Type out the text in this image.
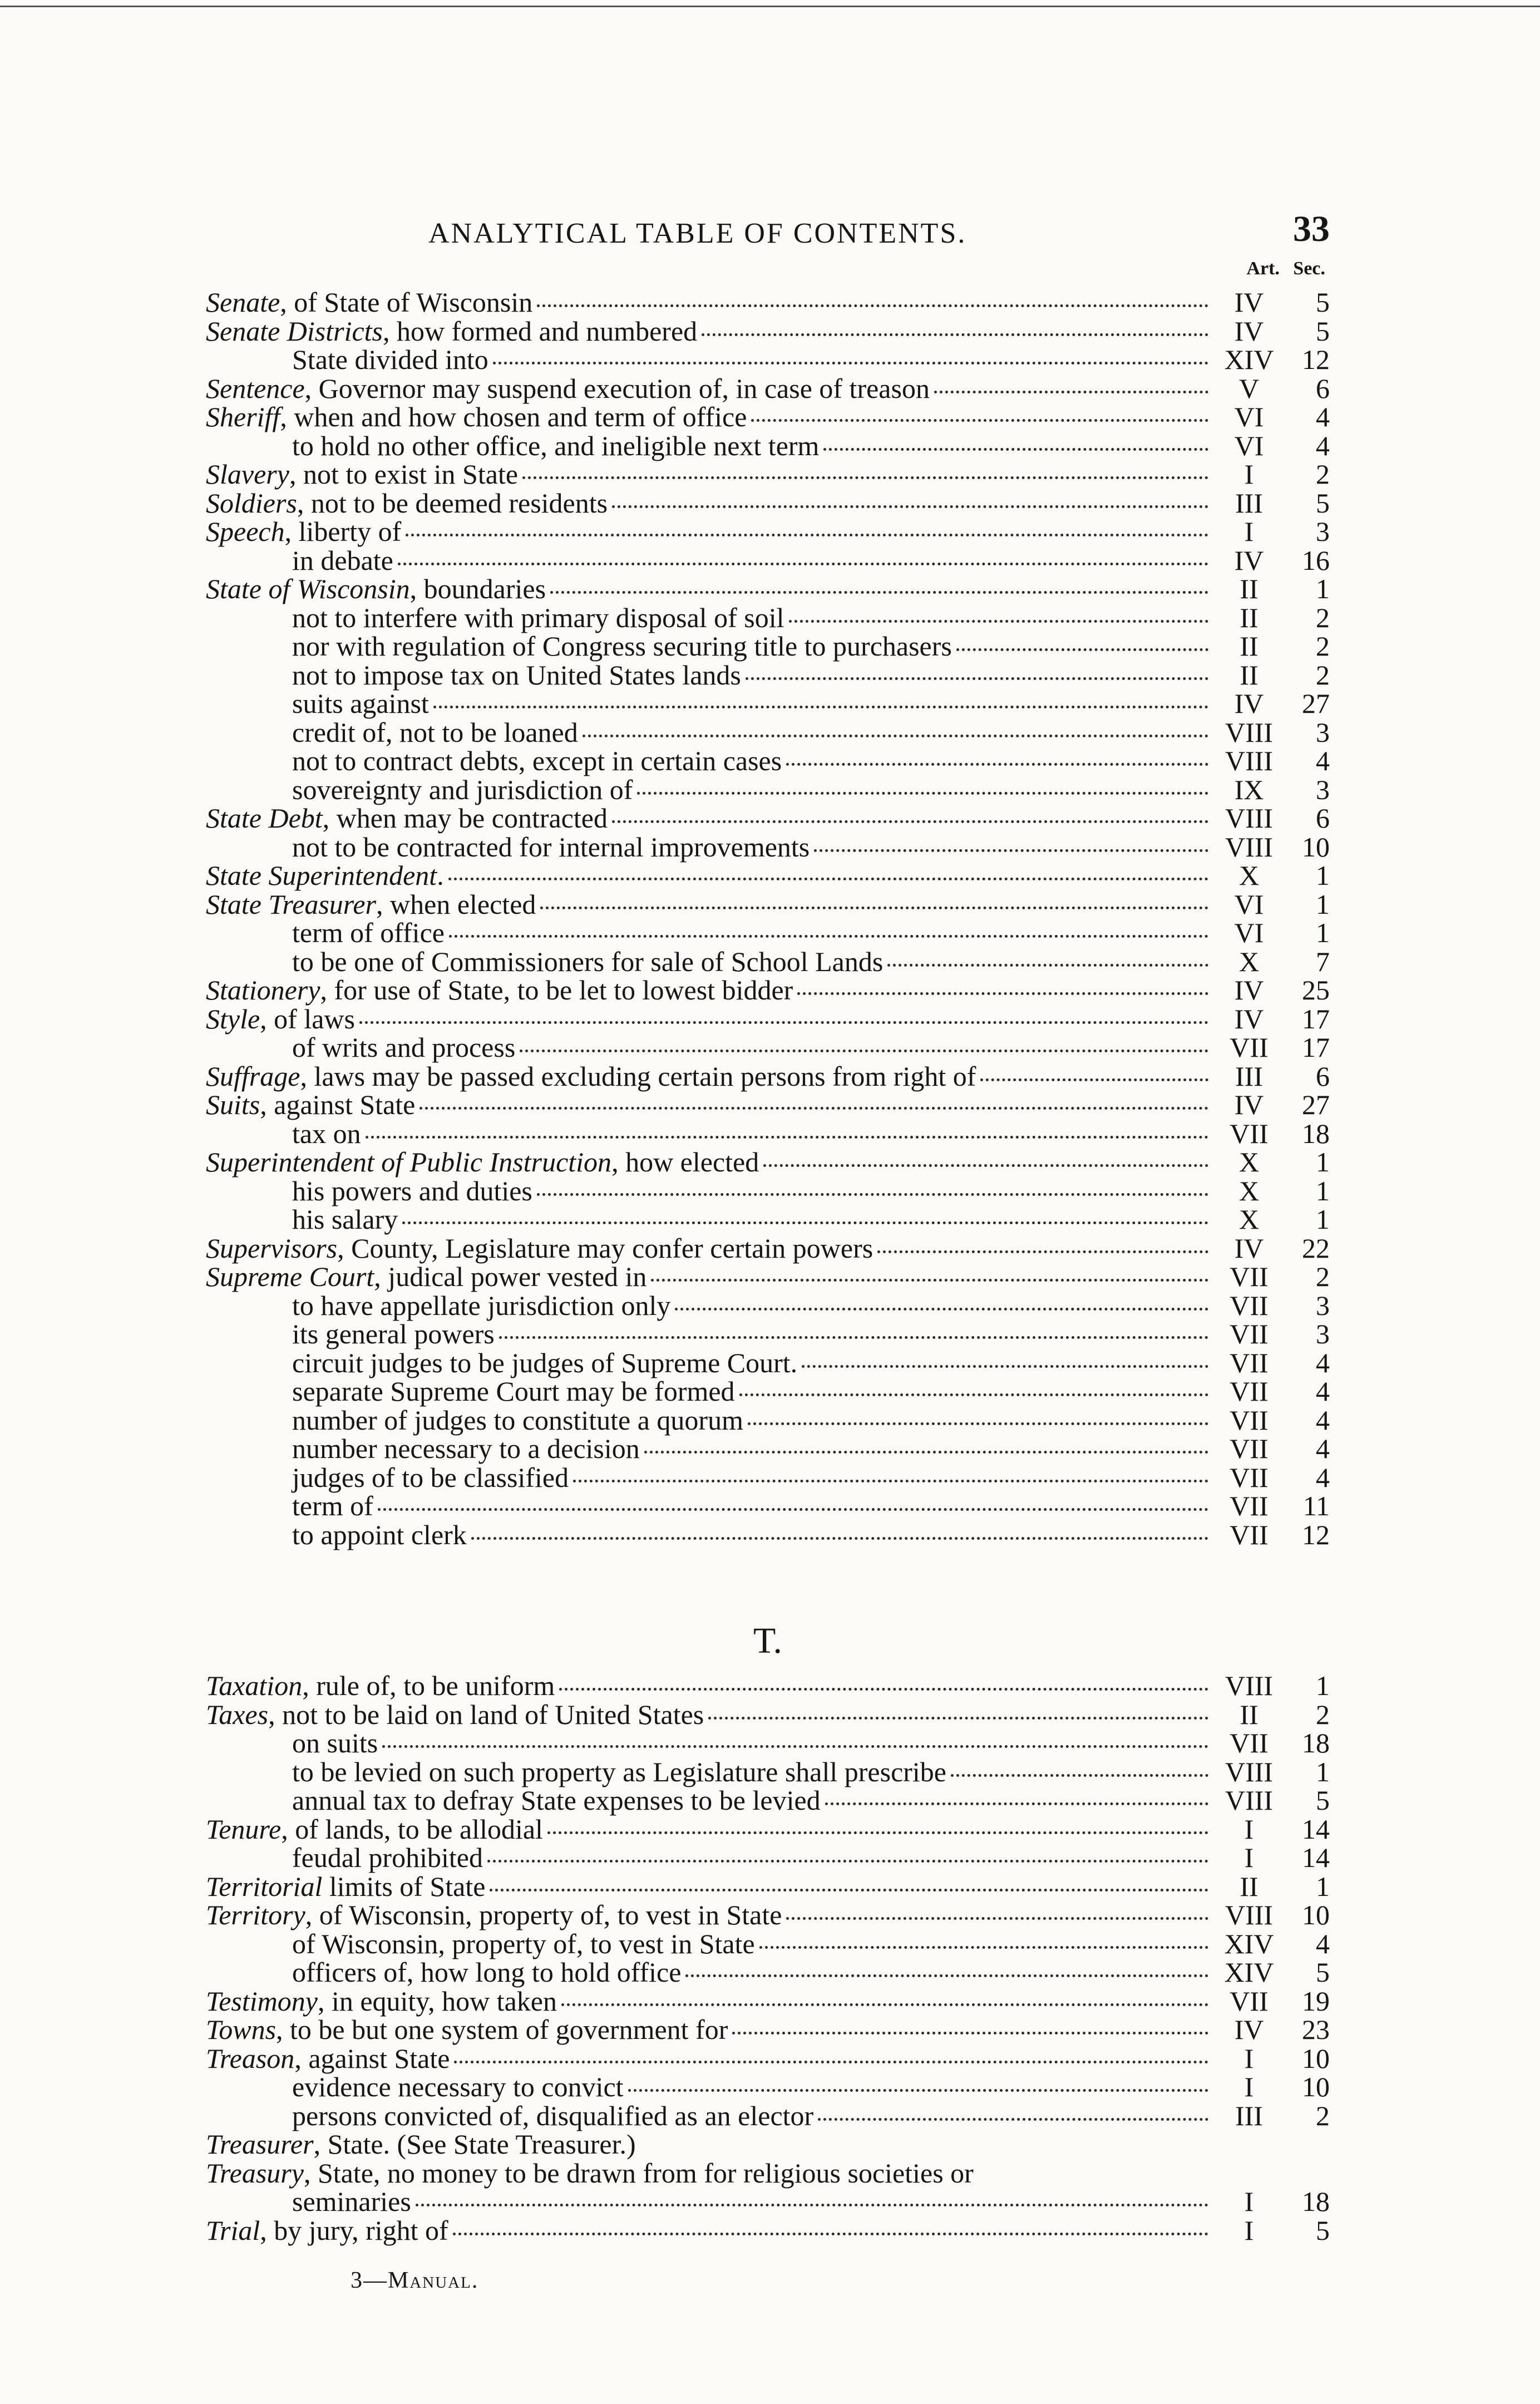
ANALYTICAL TABLE OF CONTENTS.	33
Art. Sec.
Senate, of State of Wisconsin	IV	5
Senate Districts, how formed and numbered	IV	5
State divided into	XIV	12
Sentence, Governor may suspend execution of, in case of treason	V	6
Sheriff, when and how chosen and term of office	VI	4
to hold no other office, and ineligible next term	VI	4
Slavery, not to exist in State	I	2
Soldiers, not to be deemed residents	III	5
Speech, liberty of	I	3
in debate	IV	16
State of Wisconsin, boundaries	II	1
not to interfere with primary disposal of soil	II	2
nor with regulation of Congress securing title to purchasers	II	2
not to impose tax on United States lands	II	2
suits against	IV	27
credit of, not to be loaned	VIII	3
not to contract debts, except in certain cases	VIII	4
sovereignty and jurisdiction of	IX	3
State Debt, when may be contracted	VIII	6
not to be contracted for internal improvements	VIII	10
State Superintendent.	X	1
State Treasurer, when elected	VI	1
term of office	VI	1
to be one of Commissioners for sale of School Lands	X	7
Stationery, for use of State, to be let to lowest bidder	IV	25
Style, of laws	IV	17
of writs and process	VII	17
Suffrage, laws may be passed excluding certain persons from right of	III	6
Suits, against State	IV	27
tax on	VII	18
Superintendent of Public Instruction, how elected	X	1
his powers and duties	X	1
his salary	X	1
Supervisors, County, Legislature may confer certain powers	IV	22
Supreme Court, judical power vested in	VII	2
to have appellate jurisdiction only	VII	3
its general powers	VII	3
circuit judges to be judges of Supreme Court.	VII	4
separate Supreme Court may be formed	VII	4
number of judges to constitute a quorum	VII	4
number necessary to a decision	VII	4
judges of to be classified	VII	4
term of	VII	11
to appoint clerk	VII	12
T.
Taxation, rule of, to be uniform	VIII	1
Taxes, not to be laid on land of United States	II	2
on suits	VII	18
to be levied on such property as Legislature shall prescribe	VIII	1
annual tax to defray State expenses to be levied	VIII	5
Tenure, of lands, to be allodial	I	14
feudal prohibited	I	14
Territorial limits of State	II	1
Territory, of Wisconsin, property of, to vest in State	VIII	10
of Wisconsin, property of, to vest in State	XIV	4
officers of, how long to hold office	XIV	5
Testimony, in equity, how taken	VII	19
Towns, to be but one system of government for	IV	23
Treason, against State	I	10
evidence necessary to convict	I	10
persons convicted of, disqualified as an elector	III	2
Treasurer, State. (See State Treasurer.)
Treasury, State, no money to be drawn from for religious societies or
seminaries	I	18
Trial, by jury, right of	I	5
3—Manual.
